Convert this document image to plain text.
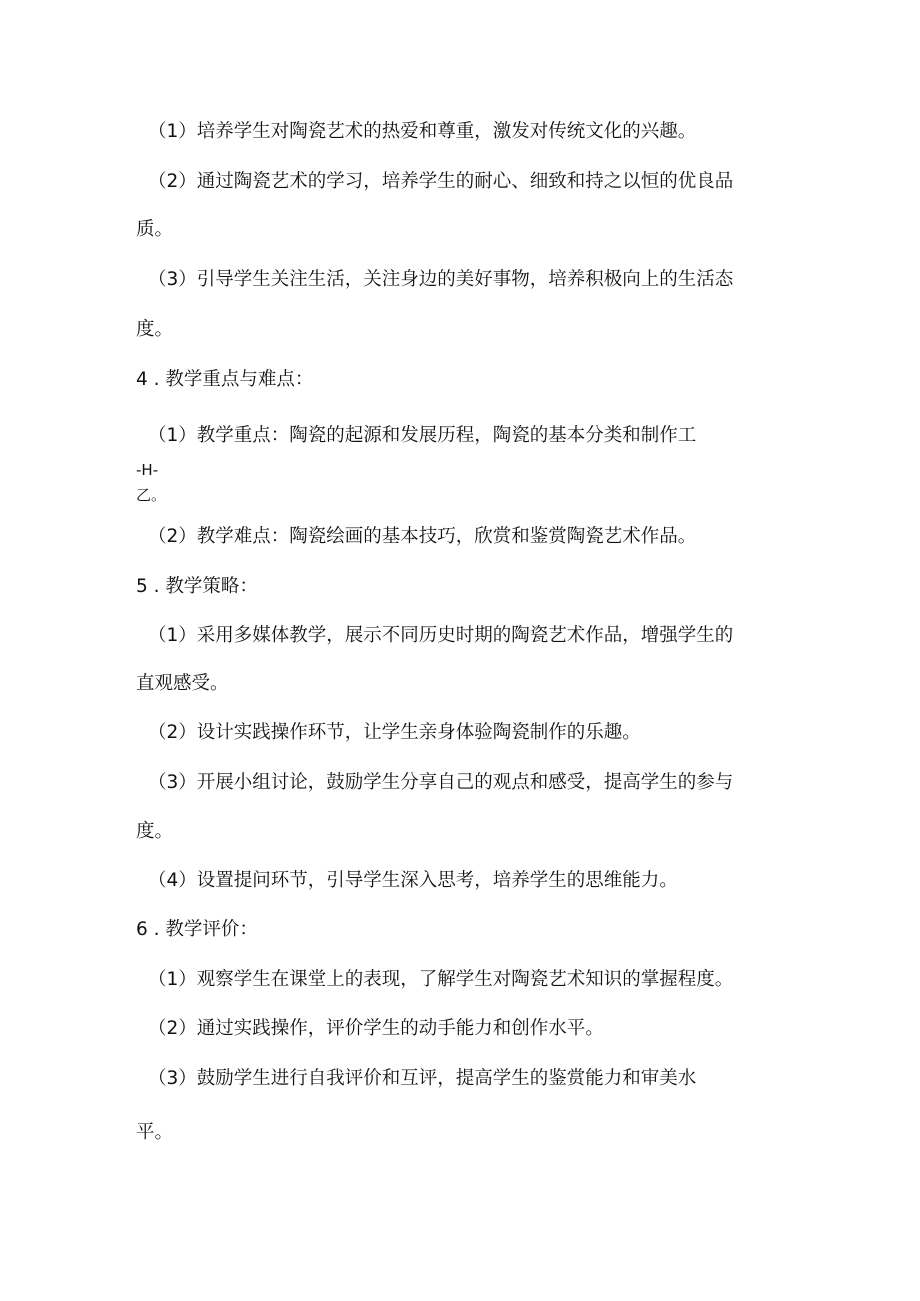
（1）培养学生对陶瓷艺术的热爱和尊重，激发对传统文化的兴趣。
（2）通过陶瓷艺术的学习，培养学生的耐心、细致和持之以恒的优良品
质。
（3）引导学生关注生活，关注身边的美好事物，培养积极向上的生活态
度。
4 . 教学重点与难点：
（1）教学重点：陶瓷的起源和发展历程，陶瓷的基本分类和制作工
-H-
乙。
（2）教学难点：陶瓷绘画的基本技巧，欣赏和鉴赏陶瓷艺术作品。
5 . 教学策略：
（1）采用多媒体教学，展示不同历史时期的陶瓷艺术作品，增强学生的
直观感受。
（2）设计实践操作环节，让学生亲身体验陶瓷制作的乐趣。
（3）开展小组讨论，鼓励学生分享自己的观点和感受，提高学生的参与
度。
（4）设置提问环节，引导学生深入思考，培养学生的思维能力。
6 . 教学评价：
（1）观察学生在课堂上的表现，了解学生对陶瓷艺术知识的掌握程度。
（2）通过实践操作，评价学生的动手能力和创作水平。
（3）鼓励学生进行自我评价和互评，提高学生的鉴赏能力和审美水
平。
